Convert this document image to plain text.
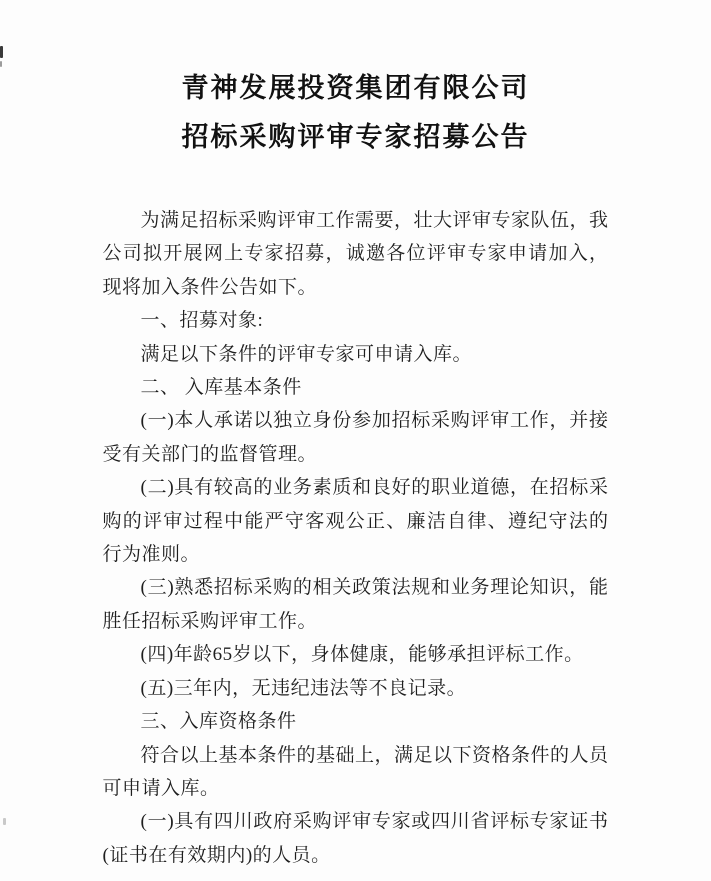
青神发展投资集团有限公司
招标采购评审专家招募公告

为满足招标采购评审工作需要，壮大评审专家队伍，我公司拟开展网上专家招募，诚邀各位评审专家申请加入，现将加入条件公告如下。

一、招募对象:

满足以下条件的评审专家可申请入库。

二、 入库基本条件

(一)本人承诺以独立身份参加招标采购评审工作，并接受有关部门的监督管理。

(二)具有较高的业务素质和良好的职业道德，在招标采购的评审过程中能严守客观公正、廉洁自律、遵纪守法的行为准则。

(三)熟悉招标采购的相关政策法规和业务理论知识，能胜任招标采购评审工作。

(四)年龄65岁以下，身体健康，能够承担评标工作。

(五)三年内，无违纪违法等不良记录。

三、入库资格条件

符合以上基本条件的基础上，满足以下资格条件的人员可申请入库。

(一)具有四川政府采购评审专家或四川省评标专家证书(证书在有效期内)的人员。
